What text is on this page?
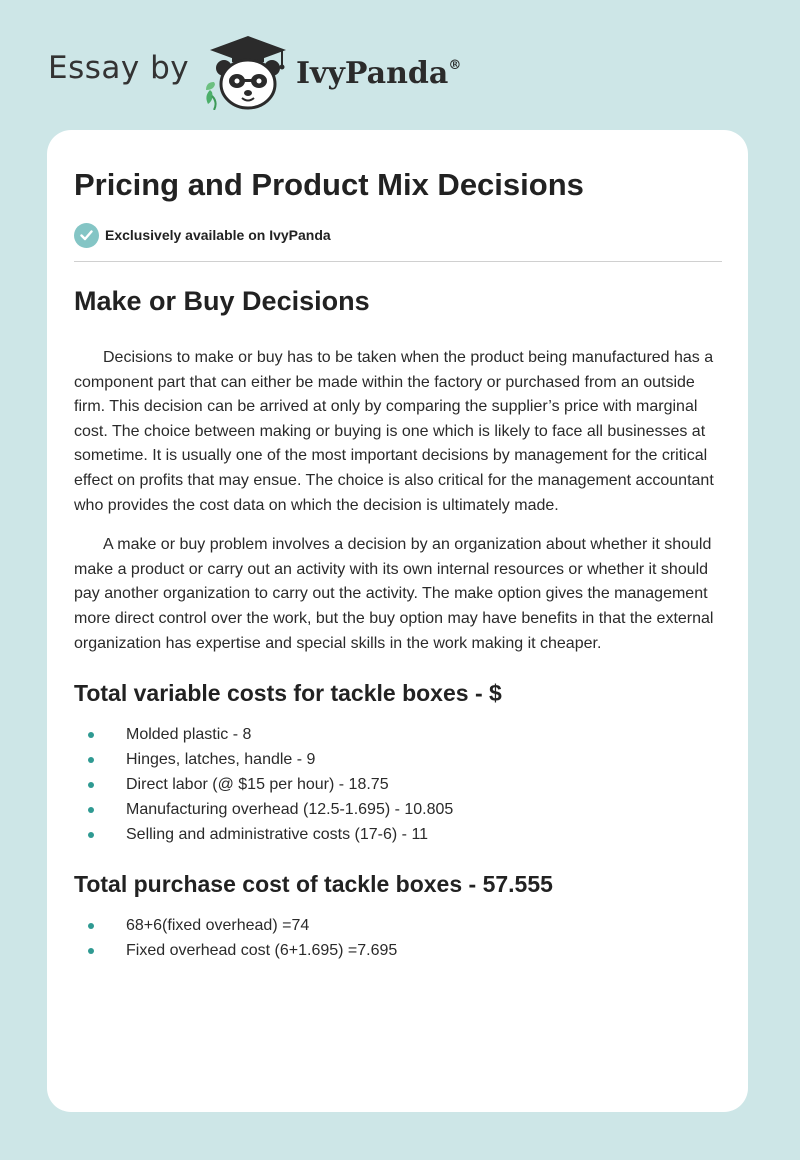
Essay by	IvyPanda®
Pricing and Product Mix Decisions
Exclusively available on IvyPanda
Make or Buy Decisions

Decisions to make or buy has to be taken when the product being manufactured has a component part that can either be made within the factory or purchased from an outside firm. This decision can be arrived at only by comparing the supplier’s price with marginal cost. The choice between making or buying is one which is likely to face all businesses at sometime. It is usually one of the most important decisions by management for the critical effect on profits that may ensue. The choice is also critical for the management accountant who provides the cost data on which the decision is ultimately made.

A make or buy problem involves a decision by an organization about whether it should make a product or carry out an activity with its own internal resources or whether it should pay another organization to carry out the activity. The make option gives the management more direct control over the work, but the buy option may have benefits in that the external organization has expertise and special skills in the work making it cheaper.

Total variable costs for tackle boxes - $
Molded plastic - 8
Hinges, latches, handle - 9
Direct labor (@ $15 per hour) - 18.75
Manufacturing overhead (12.5-1.695) - 10.805
Selling and administrative costs (17-6) - 11
Total purchase cost of tackle boxes - 57.555
68+6(fixed overhead) =74
Fixed overhead cost (6+1.695) =7.695
